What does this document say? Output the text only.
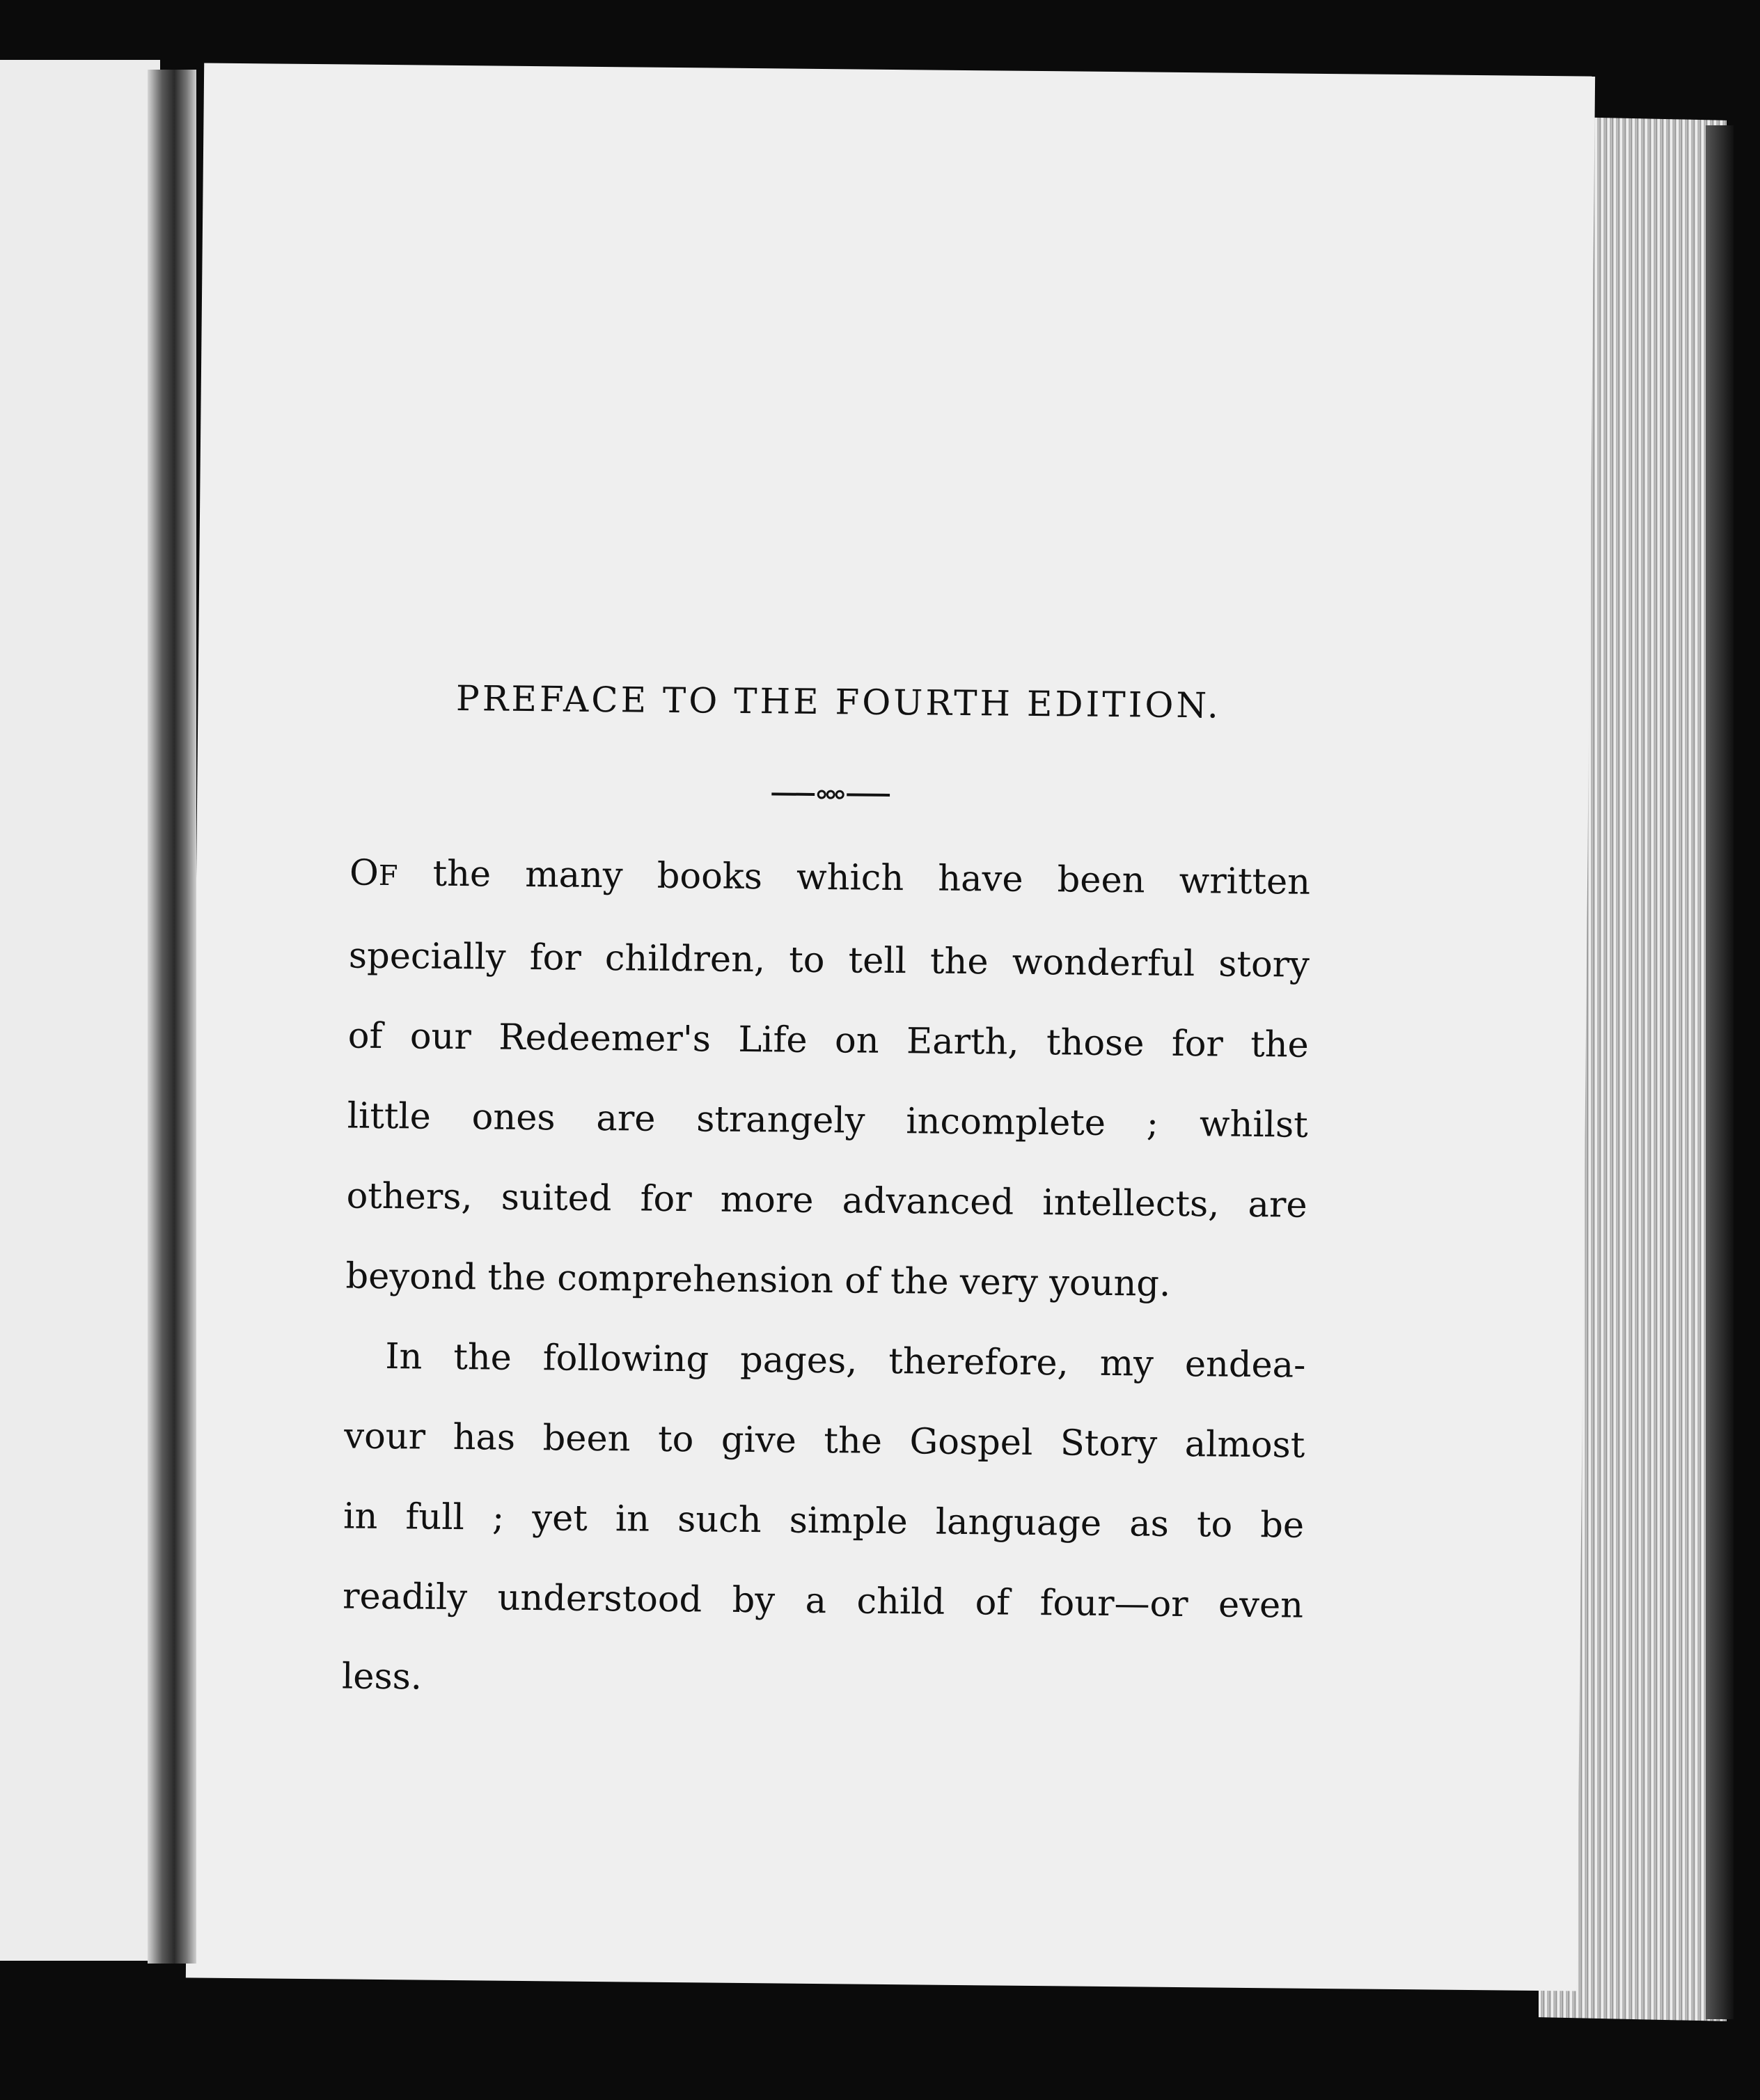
PREFACE TO THE FOURTH EDITION.

OF the many books which have been written
specially for children, to tell the wonderful story
of our Redeemer's Life on Earth, those for the
little ones are strangely incomplete ; whilst
others, suited for more advanced intellects, are
beyond the comprehension of the very young.

In the following pages, therefore, my endea-
vour has been to give the Gospel Story almost
in full ; yet in such simple language as to be
readily understood by a child of four—or even
less.
